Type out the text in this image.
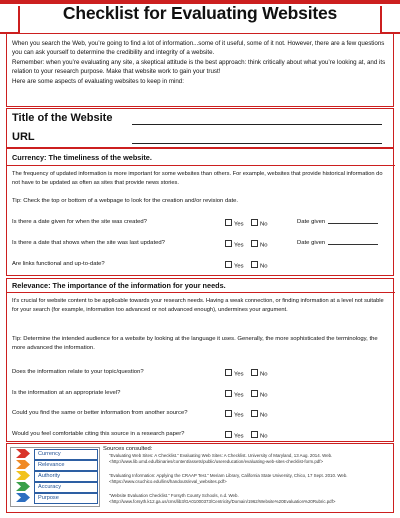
Checklist for Evaluating Websites

When you search the Web, you’re going to find a lot of information...some of it useful, some of it not. However, there are a few questions you can ask yourself to determine the credibility and integrity of a website.

Remember: when you’re evaluating any site, a skeptical attitude is the best approach: think critically about what you’re looking at, and its relation to your research purpose. Make that website work to gain your trust!

Here are some aspects of evaluating websites to keep in mind:

Title of the Website
URL
Currency: The timeliness of the website.
The frequency of updated information is more important for some websites than others. For example, websites that provide historical information do not have to be updated as often as sites that provide news stories.
Tip: Check the top or bottom of a webpage to look for the creation and/or revision date.
Is there a date given for when the site was created?	Yes	No	Date given
Is there a date that shows when the site was last updated?	Yes	No	Date given
Are links functional and up-to-date?	Yes	No
Relevance: The importance of the information for your needs.
It’s crucial for website content to be applicable towards your research needs. Having a weak connection, or finding information at a level not suitable for your search (for example, information too advanced or not advanced enough), undermines your argument.
Tip: Determine the intended audience for a website by looking at the language it uses. Generally, the more sophisticated the terminology, the more advanced the information.
Does the information relate to your topic/question?	Yes	No
Is the information at an appropriate level?	Yes	No
Could you find the same or better information from another source?	Yes	No
Would you feel comfortable citing this source in a research paper?	Yes	No
Currency
Relevance
Authority
Accuracy
Purpose
Sources consulted:
“Evaluating Web Sites: A Checklist.” Evaluating Web Sites: A Checklist. University of Maryland, 13 Aug. 2014. Web. <http://www.lib.umd.edu/binaries/content/assets/public/usereducation/evaluating-web-sites-checklist-form.pdf>
“Evaluating Information: Applying the CRAAP Test.” Meriam Library, California State University, Chico, 17 Sept. 2010. Web. <https://www.csuchico.edu/lins/handouts/eval_websites.pdf>
“Website Evaluation Checklist.” Forsyth County Schools, n.d. Web. <http://www.forsyth.k12.ga.us/cms/lib3/GA01000373/Centricity/Domain/1962/Website%20Evaluation%20Rubric.pdf>
